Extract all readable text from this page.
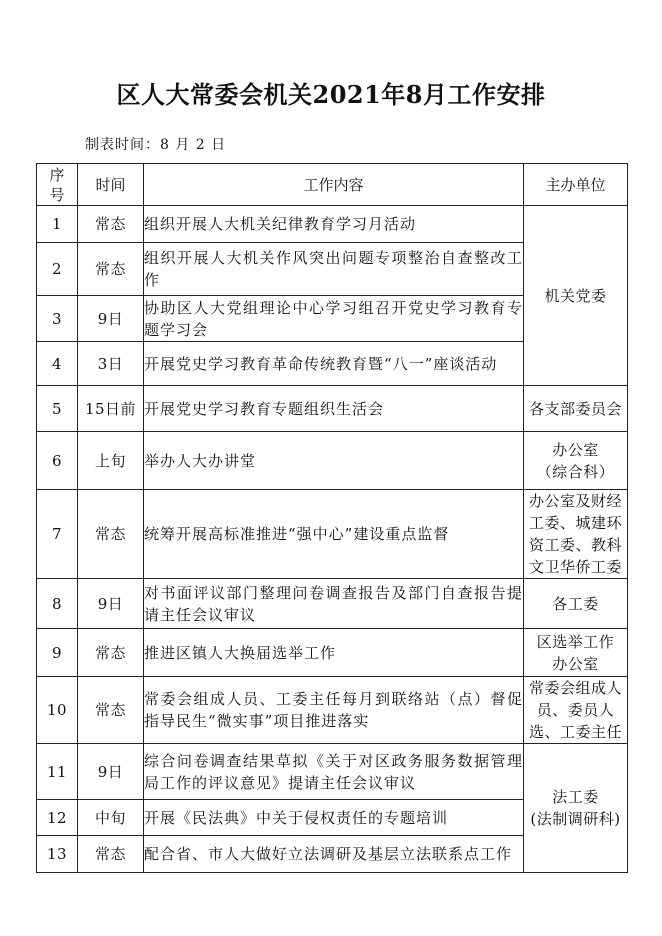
区人大常委会机关2021年8月工作安排
制表时间：8 月 2 日
序号	时间	工作内容	主办单位
1	常态	组织开展人大机关纪律教育学习月活动	机关党委
2	常态	组织开展人大机关作风突出问题专项整治自查整改工作	
3	9日	协助区人大党组理论中心学习组召开党史学习教育专题学习会	
4	3日	开展党史学习教育革命传统教育暨“八一”座谈活动	
5	15日前	开展党史学习教育专题组织生活会	各支部委员会
6	上旬	举办人大办讲堂	办公室
（综合科）
7	常态	统筹开展高标准推进“强中心”建设重点监督	办公室及财经工委、城建环资工委、教科文卫华侨工委
8	9日	对书面评议部门整理问卷调查报告及部门自查报告提请主任会议审议	各工委
9	常态	推进区镇人大换届选举工作	区选举工作
办公室
10	常态	常委会组成人员、工委主任每月到联络站（点）督促指导民生“微实事”项目推进落实	常委会组成人员、委员人选、工委主任
11	9日	综合问卷调查结果草拟《关于对区政务服务数据管理局工作的评议意见》提请主任会议审议	法工委
(法制调研科)
12	中旬	开展《民法典》中关于侵权责任的专题培训	
13	常态	配合省、市人大做好立法调研及基层立法联系点工作	
